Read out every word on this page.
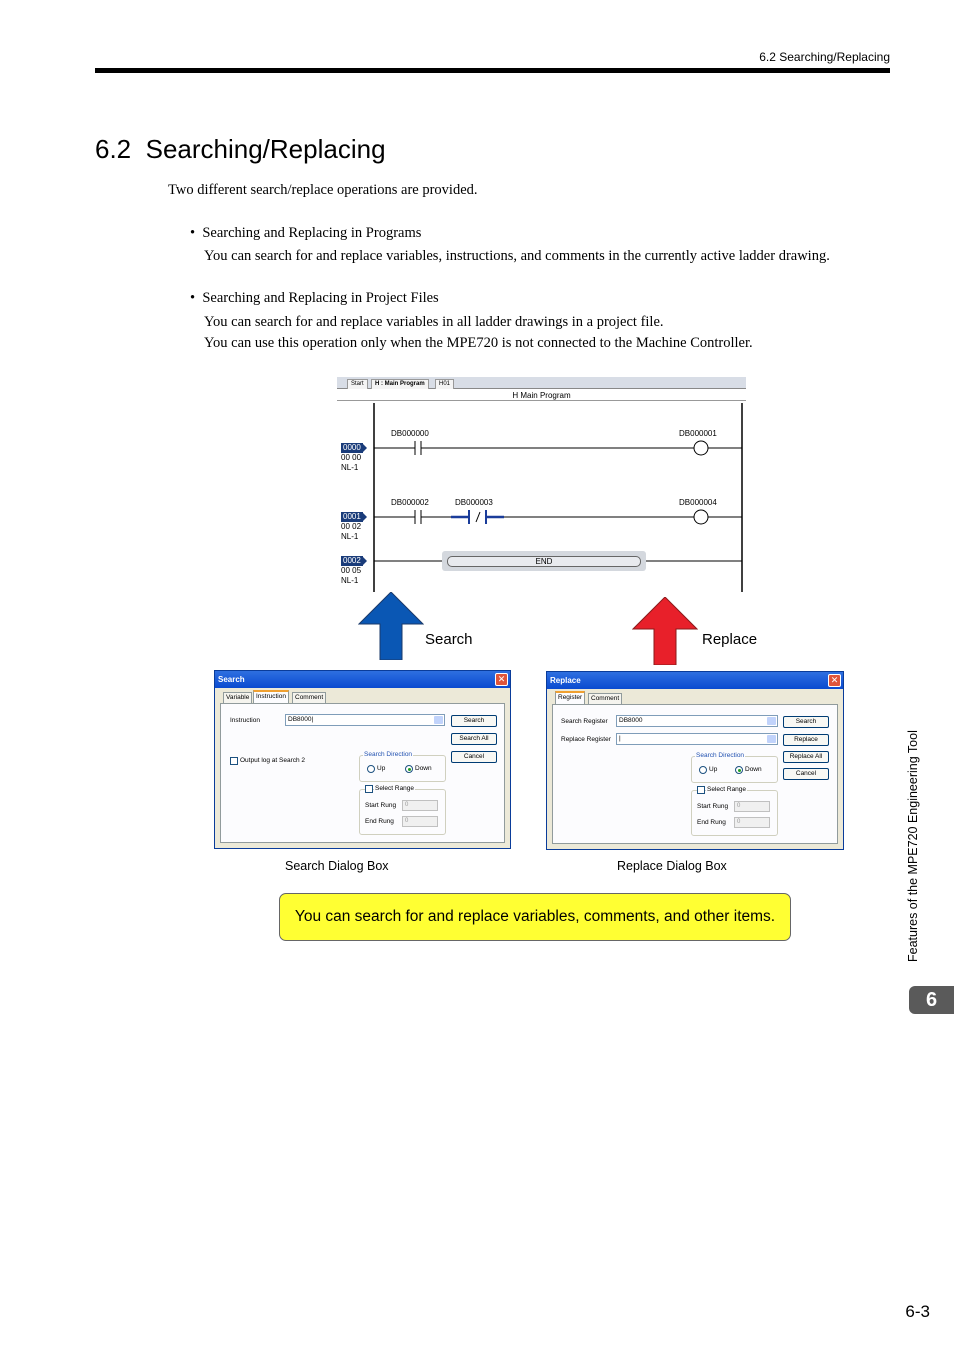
6.2 Searching/Replacing
6.2 Searching/Replacing
Two different search/replace operations are provided.
•  Searching and Replacing in Programs
You can search for and replace variables, instructions, and comments in the currently active ladder drawing.
•  Searching and Replacing in Project Files
You can search for and replace variables in all ladder drawings in a project file.
You can use this operation only when the MPE720 is not connected to the Machine Controller.
Start	H : Main Program	H01
H Main Program
0000
00 00
NL-1
0001
00 02
NL-1
0002
00 05
NL-1
DB000000	DB000001
DB000002	DB000003	DB000004
END
Search	Replace
Search	✕
Variable	Instruction	Comment
Instruction	DB8000|	Search
Search All
Cancel
Output log at Search 2
Search Direction
Up	Down
Select Range
Start Rung	0
End Rung	0
Replace	✕
Register	Comment
Search Register	DB8000
Replace Register	|
Search
Replace
Replace All
Cancel
Search Direction
Up	Down
Select Range
Start Rung	0
End Rung	0
Search Dialog Box	Replace Dialog Box
You can search for and replace variables, comments, and other items.	Features of the MPE720 Engineering Tool
6
6-3
